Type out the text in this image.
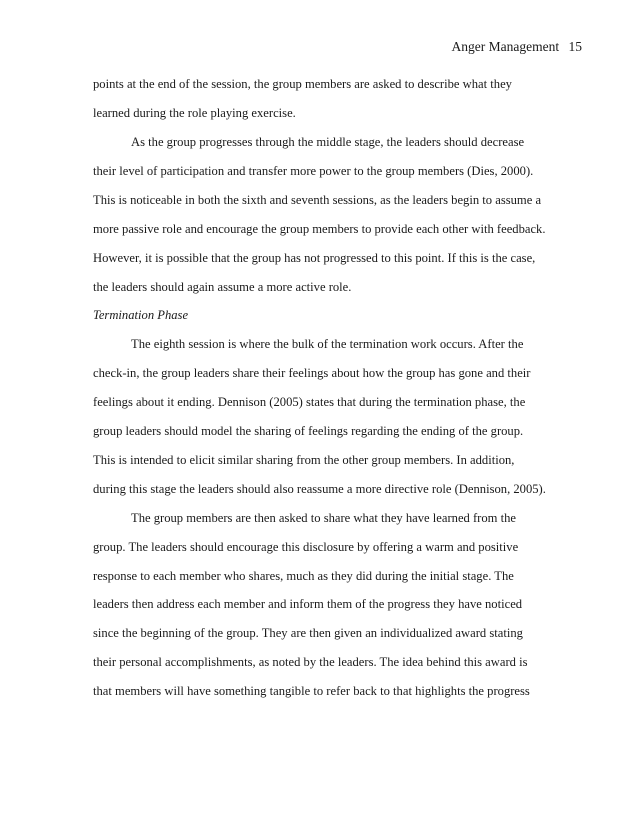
Anger Management 15
points at the end of the session, the group members are asked to describe what they
learned during the role playing exercise.
As the group progresses through the middle stage, the leaders should decrease
their level of participation and transfer more power to the group members (Dies, 2000).
This is noticeable in both the sixth and seventh sessions, as the leaders begin to assume a
more passive role and encourage the group members to provide each other with feedback.
However, it is possible that the group has not progressed to this point. If this is the case,
the leaders should again assume a more active role.
Termination Phase
The eighth session is where the bulk of the termination work occurs. After the
check-in, the group leaders share their feelings about how the group has gone and their
feelings about it ending. Dennison (2005) states that during the termination phase, the
group leaders should model the sharing of feelings regarding the ending of the group.
This is intended to elicit similar sharing from the other group members. In addition,
during this stage the leaders should also reassume a more directive role (Dennison, 2005).
The group members are then asked to share what they have learned from the
group. The leaders should encourage this disclosure by offering a warm and positive
response to each member who shares, much as they did during the initial stage. The
leaders then address each member and inform them of the progress they have noticed
since the beginning of the group. They are then given an individualized award stating
their personal accomplishments, as noted by the leaders. The idea behind this award is
that members will have something tangible to refer back to that highlights the progress
